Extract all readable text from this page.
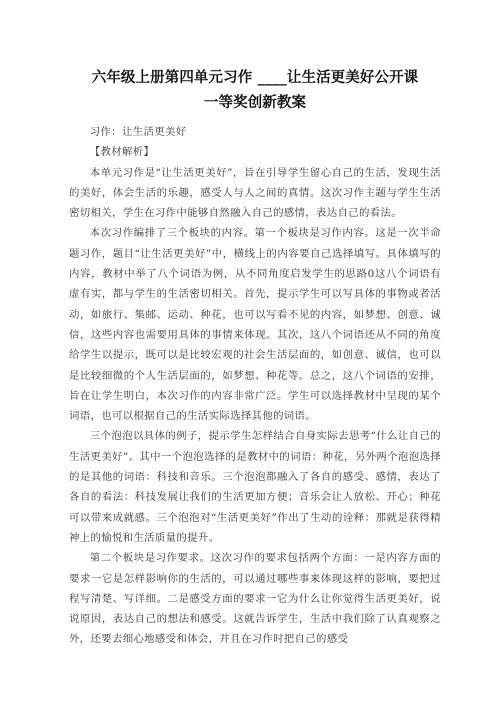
六年级上册第四单元习作 ____让生活更美好公开课
一等奖创新教案

习作：让生活更美好

【教材解析】

本单元习作是“让生活更美好”，旨在引导学生留心自己的生活，发现生活的美好，体会生活的乐趣，感受人与人之间的真情。这次习作主题与学生生活密切相关，学生在习作中能够自然融入自己的感情，表达自己的看法。

本次习作编排了三个板块的内容。第一个板块是习作内容。这是一次半命题习作，题目“让生活更美好”中，横线上的内容要自己选择填写。具体填写的内容，教材中举了八个词语为例，从不同角度启发学生的思路0这八个词语有虚有实，都与学生的生活密切相关。首先，提示学生可以写具体的事物或者活动，如旅行、集邮、运动、种花，也可以写看不见的内容，如梦想、创意、诚信，这些内容也需要用具体的事情来体现。其次，这八个词语还从不同的角度给学生以提示，既可以是比较宏观的社会生活层面的，如创意、诚信，也可以是比较细微的个人生活层面的，如梦想、种花等。总之，这八个词语的安排，旨在让学生明白，本次习作的内容非常广泛。学生可以选择教材中呈现的某个词语，也可以根据自己的生活实际选择其他的词语。

三个泡泡以具体的例子，提示学生怎样结合自身实际去思考“什么让自己的生活更美好”。其中一个泡泡选择的是教材中的词语：种花，另外两个泡泡选择的是其他的词语：科技和音乐。三个泡泡都融入了各自的感受、感情，表达了各自的看法：科技发展让我们的生活更加方便；音乐会让人放松、开心；种花可以带来成就感。三个泡泡对“生活更美好”作出了生动的诠释：那就是获得精神上的愉悦和生活质量的提升。

第二个板块是习作要求。这次习作的要求包括两个方面：一是内容方面的要求一它是怎样影响你的生活的，可以通过哪些事来体现这样的影响，要把过程写清楚、写详细。二是感受方面的要求一它为什么让你觉得生活更美好，说说原因，表达自己的想法和感受。这就告诉学生，生活中我们除了认真观察之外，还要去细心地感受和体会，并且在习作时把自己的感受
